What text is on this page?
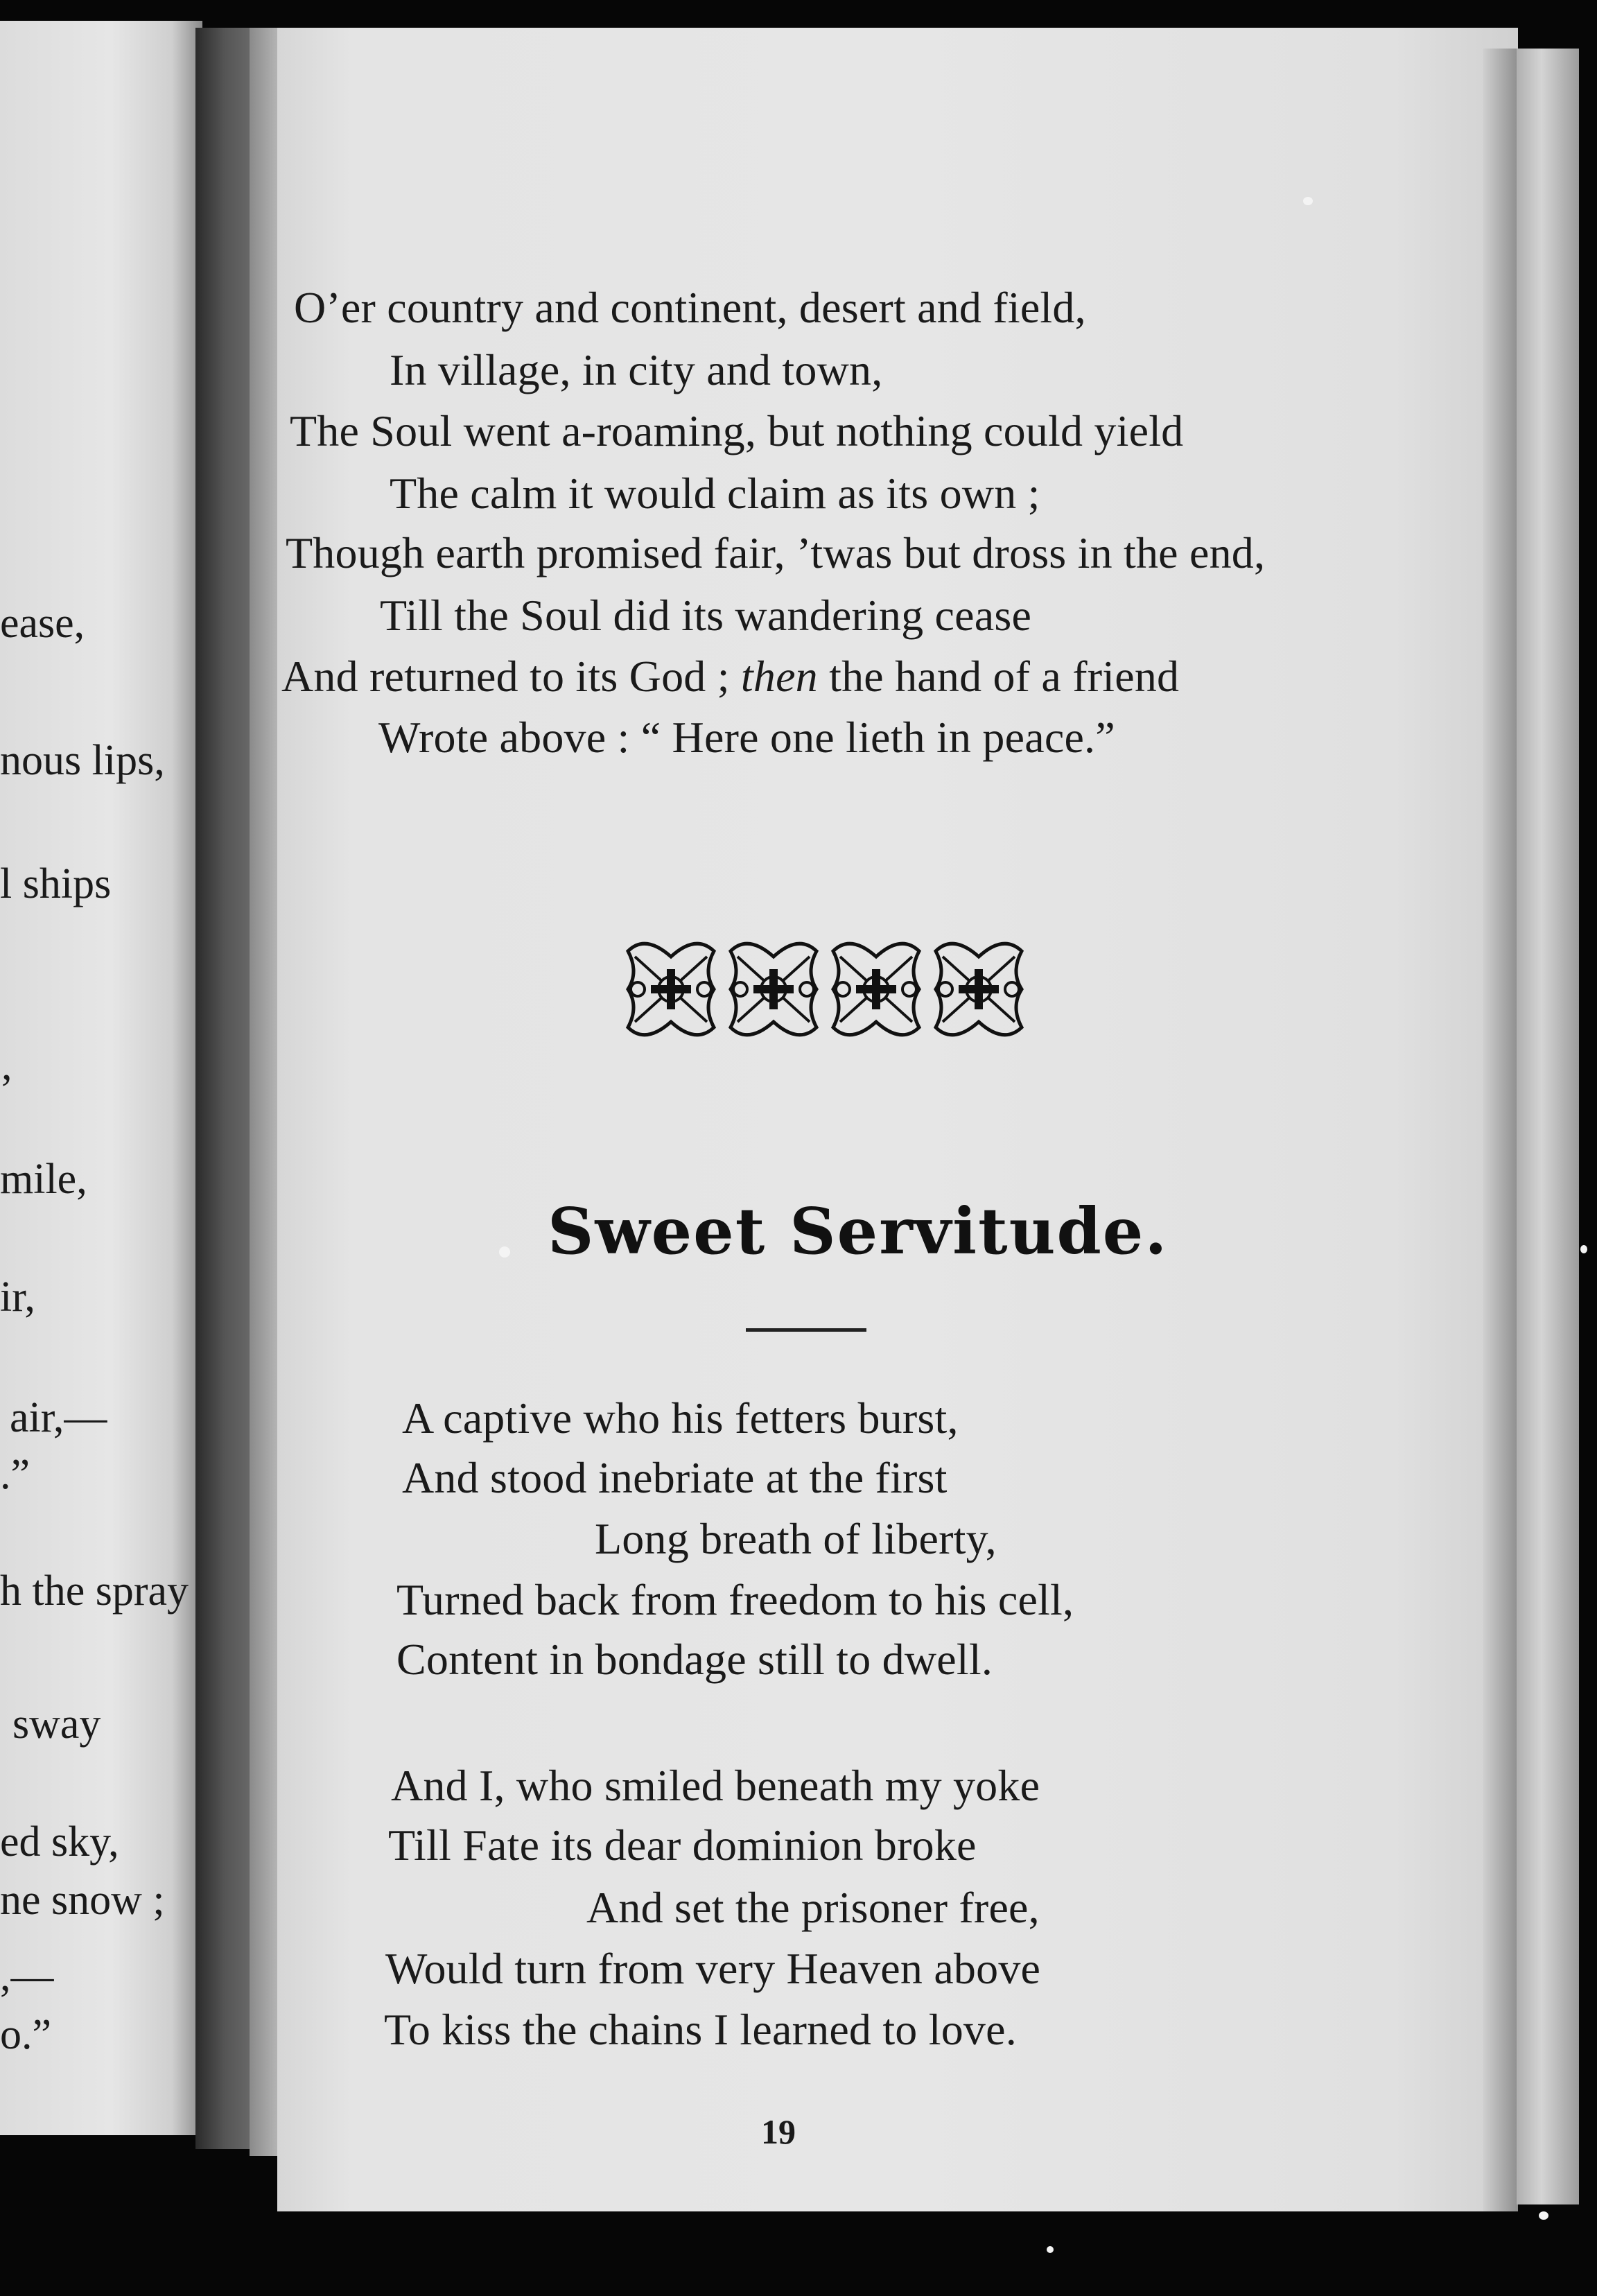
ease,
nous lips,
l ships
,
mile,
ir,
air,—
.”
h the spray
sway
ed sky,
ne snow ;
,—
o.”
O’er country and continent, desert and field,
In village, in city and town,
The Soul went a-roaming, but nothing could yield
The calm it would claim as its own ;
Though earth promised fair, ’twas but dross in the end,
Till the Soul did its wandering cease
And returned to its God ; then the hand of a friend
Wrote above : “ Here one lieth in peace.”
Sweet Servitude.
A captive who his fetters burst,
And stood inebriate at the first
Long breath of liberty,
Turned back from freedom to his cell,
Content in bondage still to dwell.
And I, who smiled beneath my yoke
Till Fate its dear dominion broke
And set the prisoner free,
Would turn from very Heaven above
To kiss the chains I learned to love.
19
